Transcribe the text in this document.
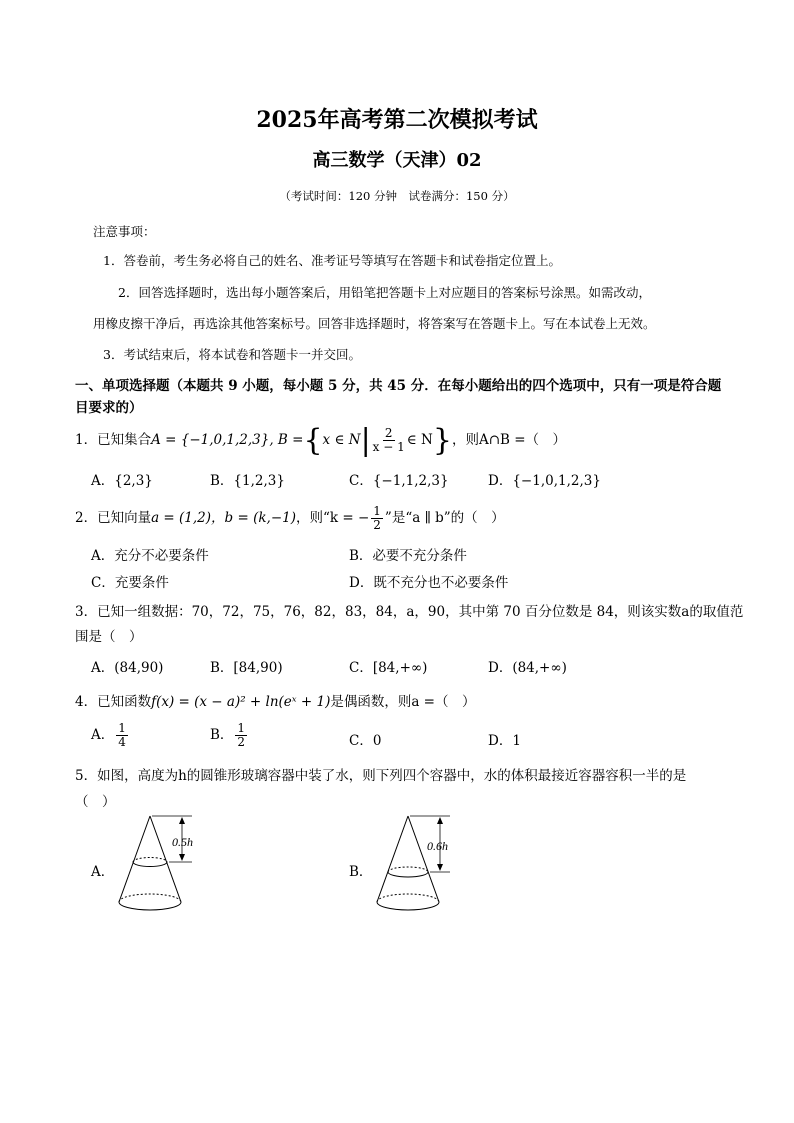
2025年高考第二次模拟考试
高三数学（天津）02
（考试时间：120 分钟　试卷满分：150 分）
注意事项：
1．答卷前，考生务必将自己的姓名、准考证号等填写在答题卡和试卷指定位置上。
2．回答选择题时，选出每小题答案后，用铅笔把答题卡上对应题目的答案标号涂黑。如需改动，
用橡皮擦干净后，再选涂其他答案标号。回答非选择题时，将答案写在答题卡上。写在本试卷上无效。
3．考试结束后，将本试卷和答题卡一并交回。
一、单项选择题（本题共 9 小题，每小题 5 分，共 45 分．在每小题给出的四个选项中，只有一项是符合题
目要求的）
1．已知集合A = {−1,0,1,2,3}, B ={x ∈ $N| \frac{2}{x - 1}$ ∈ N}，则A∩B =（　）
A．{2,3}	B．{1,2,3}	C．{−1,1,2,3}	D．{−1,0,1,2,3}
2．已知向量a = (1,2)，b = (k,−1)，则“k = − $\frac{1}{2}$ ”是“a ∥ b”的（　）
A．充分不必要条件	B．必要不充分条件
C．充要条件	D．既不充分也不必要条件
3．已知一组数据：70，72，75，76，82，83，84，a，90，其中第 70 百分位数是 84，则该实数a的取值范
围是（　）
A．(84,90)	B．[84,90)	C．[84,+∞)	D．(84,+∞)
4．已知函数f(x) = (x − a)² + ln(eˣ + 1)是偶函数，则a =（　）
A． $\frac{1}{4}$	B． $\frac{1}{2}$	C．0	D．1
5．如图，高度为h的圆锥形玻璃容器中装了水，则下列四个容器中，水的体积最接近容器容积一半的是
（　）
A．
0.5h
B．
0.6h
